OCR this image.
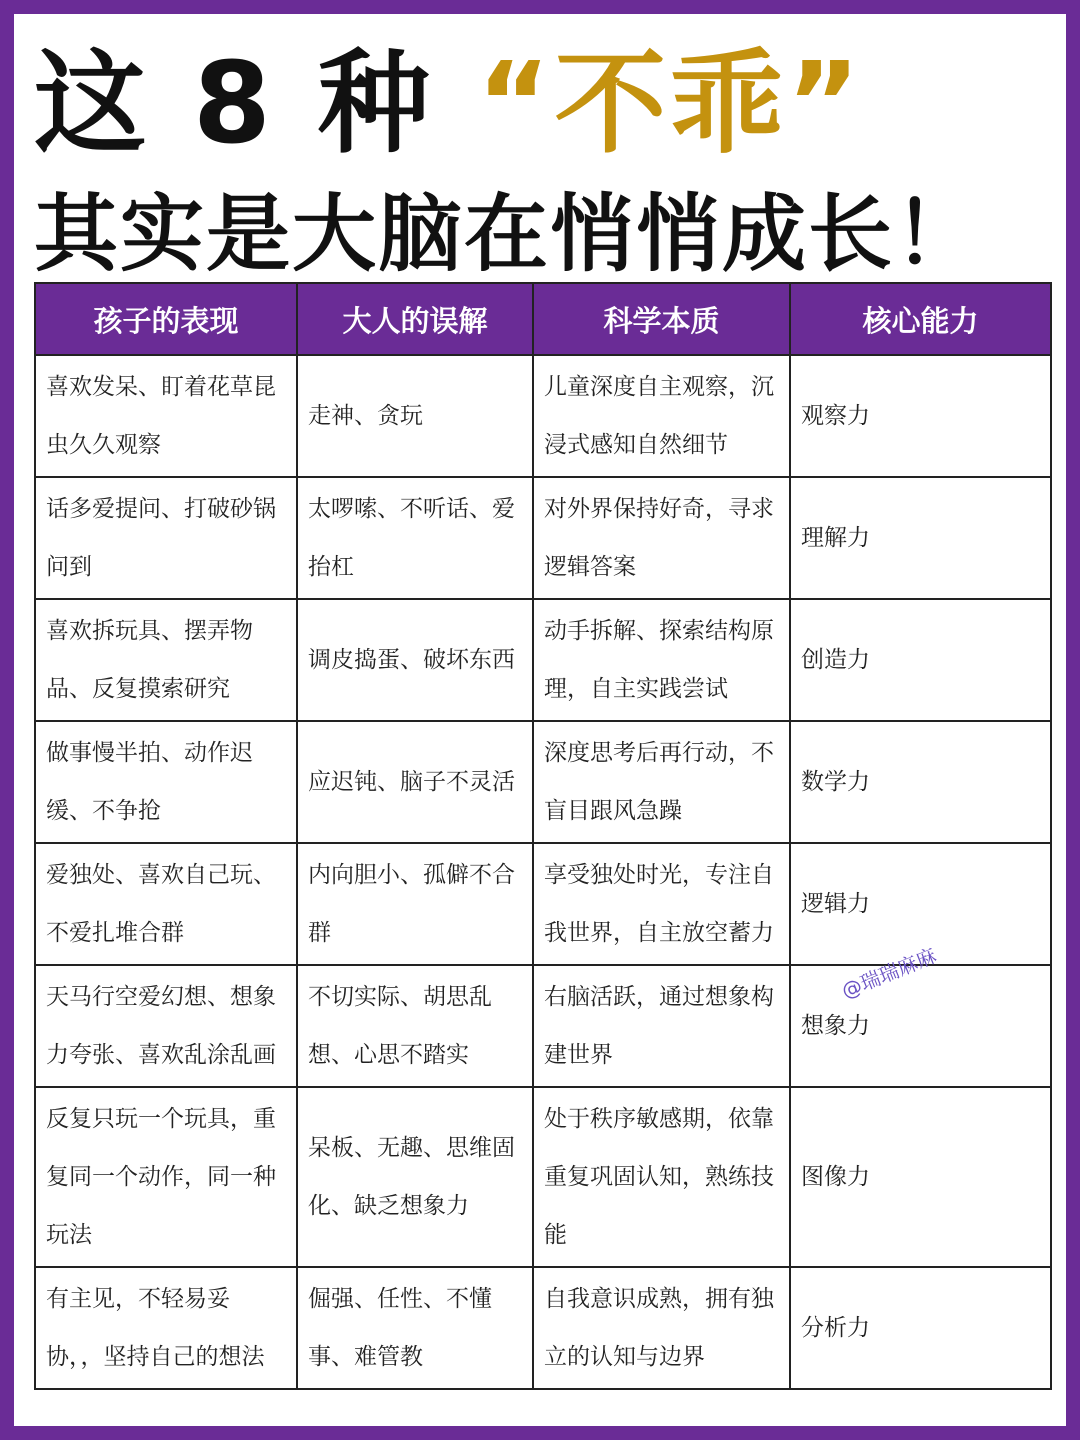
这 8 种 “不乖”
其实是大脑在悄悄成长！
孩子的表现	大人的误解	科学本质	核心能力
喜欢发呆、盯着花草昆虫久久观察	走神、贪玩	儿童深度自主观察，沉浸式感知自然细节	观察力
话多爱提问、打破砂锅问到	太啰嗦、不听话、爱抬杠	对外界保持好奇，寻求逻辑答案	理解力
喜欢拆玩具、摆弄物品、反复摸索研究	调皮捣蛋、破坏东西	动手拆解、探索结构原理，自主实践尝试	创造力
做事慢半拍、动作迟缓、不争抢	应迟钝、脑子不灵活	深度思考后再行动，不盲目跟风急躁	数学力
爱独处、喜欢自己玩、不爱扎堆合群	内向胆小、孤僻不合群	享受独处时光，专注自我世界，自主放空蓄力	逻辑力
天马行空爱幻想、想象力夸张、喜欢乱涂乱画	不切实际、胡思乱想、心思不踏实	右脑活跃，通过想象构建世界	想象力
反复只玩一个玩具，重复同一个动作，同一种玩法	呆板、无趣、思维固化、缺乏想象力	处于秩序敏感期，依靠重复巩固认知，熟练技能	图像力
有主见，不轻易妥协，，坚持自己的想法	倔强、任性、不懂事、难管教	自我意识成熟，拥有独立的认知与边界	分析力
@瑞瑞麻麻
